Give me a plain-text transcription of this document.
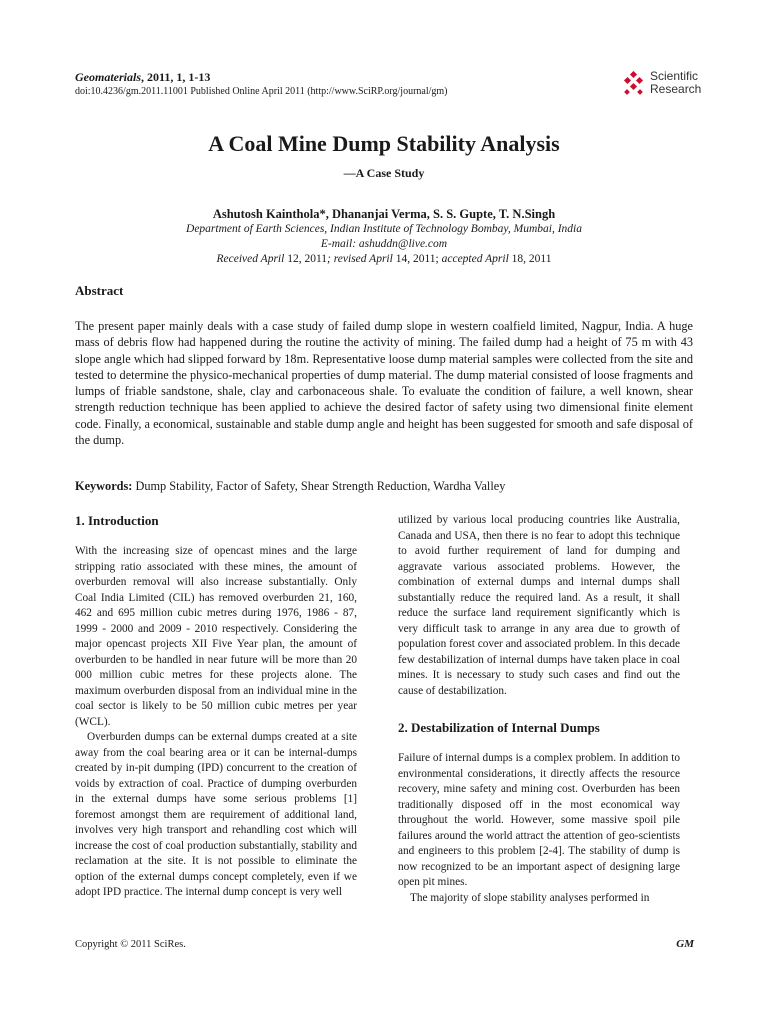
Geomaterials, 2011, 1, 1-13
doi:10.4236/gm.2011.11001 Published Online April 2011 (http://www.SciRP.org/journal/gm)
Scientific
Research
A Coal Mine Dump Stability Analysis
—A Case Study
Ashutosh Kainthola*, Dhananjai Verma, S. S. Gupte, T. N.Singh
Department of Earth Sciences, Indian Institute of Technology Bombay, Mumbai, India
E-mail: ashuddn@live.com
Received April 12, 2011; revised April 14, 2011; accepted April 18, 2011
Abstract

The present paper mainly deals with a case study of failed dump slope in western coalfield limited, Nagpur, India. A huge mass of debris flow had happened during the routine the activity of mining. The failed dump had a height of 75 m with 43 slope angle which had slipped forward by 18m. Representative loose dump material samples were collected from the site and tested to determine the physico-mechanical properties of dump material. The dump material consisted of loose fragments and lumps of friable sandstone, shale, clay and carbonaceous shale. To evaluate the condition of failure, a well known, shear strength reduction technique has been applied to achieve the desired factor of safety using two dimensional finite element code. Finally, a economical, sustainable and stable dump angle and height has been suggested for smooth and safe disposal of the dump.

Keywords: Dump Stability, Factor of Safety, Shear Strength Reduction, Wardha Valley
1. Introduction

With the increasing size of opencast mines and the large stripping ratio associated with these mines, the amount of overburden removal will also increase substantially. Only Coal India Limited (CIL) has removed overburden 21, 160, 462 and 695 million cubic metres during 1976, 1986 - 87, 1999 - 2000 and 2009 - 2010 respectively. Considering the major opencast projects XII Five Year plan, the amount of overburden to be handled in near future will be more than 20 000 million cubic metres for these projects alone. The maximum overburden disposal from an individual mine in the coal sector is likely to be 50 million cubic metres per year (WCL).

Overburden dumps can be external dumps created at a site away from the coal bearing area or it can be internal-dumps created by in-pit dumping (IPD) concurrent to the creation of voids by extraction of coal. Practice of dumping overburden in the external dumps have some serious problems [1] foremost amongst them are requirement of additional land, involves very high transport and rehandling cost which will increase the cost of coal production substantially, stability and reclamation at the site. It is not possible to eliminate the option of the external dumps concept completely, even if we adopt IPD practice. The internal dump concept is very well

utilized by various local producing countries like Australia, Canada and USA, then there is no fear to adopt this technique to avoid further requirement of land for dumping and aggravate various associated problems. However, the combination of external dumps and internal dumps shall substantially reduce the required land. As a result, it shall reduce the surface land requirement significantly which is very difficult task to arrange in any area due to growth of population forest cover and associated problem. In this decade few destabilization of internal dumps have taken place in coal mines. It is necessary to study such cases and find out the cause of destabilization.

2. Destabilization of Internal Dumps

Failure of internal dumps is a complex problem. In addition to environmental considerations, it directly affects the resource recovery, mine safety and mining cost. Overburden has been traditionally disposed off in the most economical way throughout the world. However, some massive spoil pile failures around the world attract the attention of geo-scientists and engineers to this problem [2-4]. The stability of dump is now recognized to be an important aspect of designing large open pit mines.

The majority of slope stability analyses performed in

Copyright © 2011 SciRes.	GM
